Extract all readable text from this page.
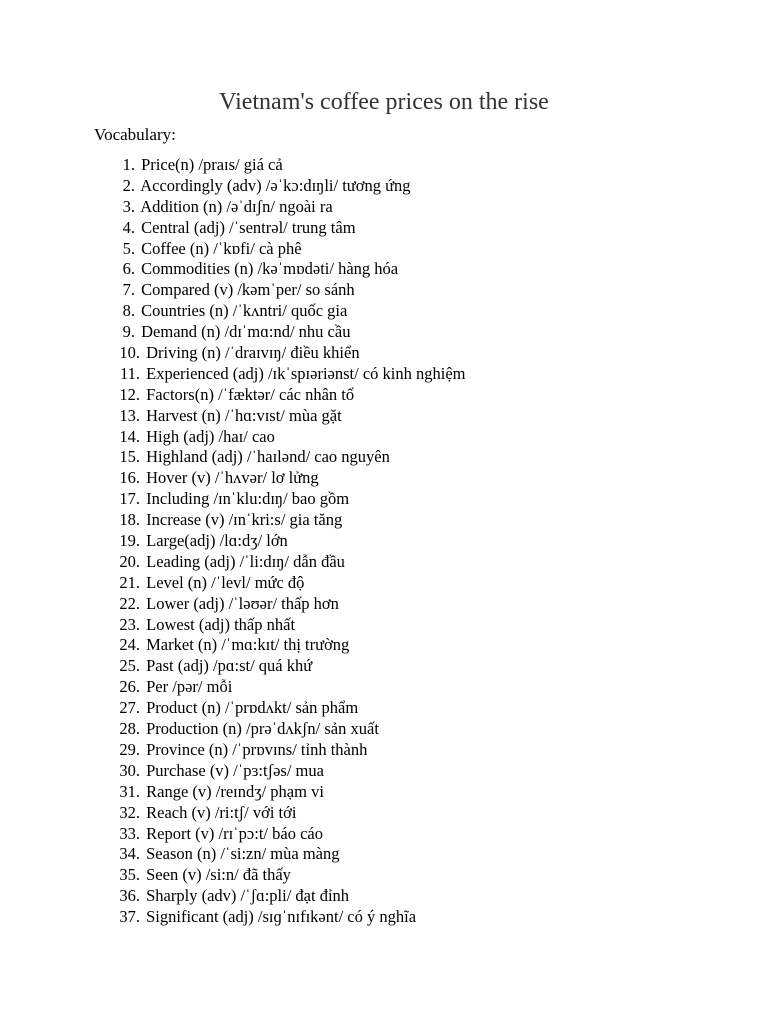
Vietnam's coffee prices on the rise
Vocabulary:
1. Price(n) /praɪs/ giá cả
2. Accordingly (adv) /əˈkɔ:dɪŋli/ tương ứng
3. Addition (n) /əˈdɪʃn/ ngoài ra
4. Central (adj) /ˈsentrəl/ trung tâm
5. Coffee (n) /ˈkɒfi/ cà phê
6. Commodities (n) /kəˈmɒdəti/ hàng hóa
7. Compared (v) /kəmˈper/ so sánh
8. Countries (n) /ˈkʌntri/ quốc gia
9. Demand (n) /dɪˈmɑ:nd/ nhu cầu
10. Driving (n) /ˈdraɪvɪŋ/ điều khiển
11. Experienced (adj) /ɪkˈspɪəriənst/ có kinh nghiệm
12. Factors(n) /ˈfæktər/ các nhân tố
13. Harvest (n) /ˈhɑ:vɪst/ mùa gặt
14. High (adj) /haɪ/ cao
15. Highland (adj) /ˈhaɪlənd/ cao nguyên
16. Hover (v) /ˈhʌvər/ lơ lửng
17. Including /ɪnˈklu:dɪŋ/ bao gồm
18. Increase (v) /ɪnˈkri:s/ gia tăng
19. Large(adj) /lɑ:dʒ/ lớn
20. Leading (adj) /ˈli:dɪŋ/ dẫn đầu
21. Level (n) /ˈlevl/ mức độ
22. Lower (adj) /ˈləʊər/ thấp hơn
23. Lowest (adj) thấp nhất
24. Market (n) /ˈmɑ:kɪt/ thị trường
25. Past (adj) /pɑ:st/ quá khứ
26. Per /pər/ mỗi
27. Product (n) /ˈprɒdʌkt/ sản phẩm
28. Production (n) /prəˈdʌkʃn/ sản xuất
29. Province (n) /ˈprɒvɪns/ tỉnh thành
30. Purchase (v) /ˈpɜ:tʃəs/ mua
31. Range (v) /reɪndʒ/ phạm vi
32. Reach (v) /ri:tʃ/ với tới
33. Report (v) /rɪˈpɔ:t/ báo cáo
34. Season (n) /ˈsi:zn/ mùa màng
35. Seen (v) /si:n/ đã thấy
36. Sharply (adv) /ˈʃɑ:pli/ đạt đỉnh
37. Significant (adj) /sɪɡˈnɪfɪkənt/ có ý nghĩa
